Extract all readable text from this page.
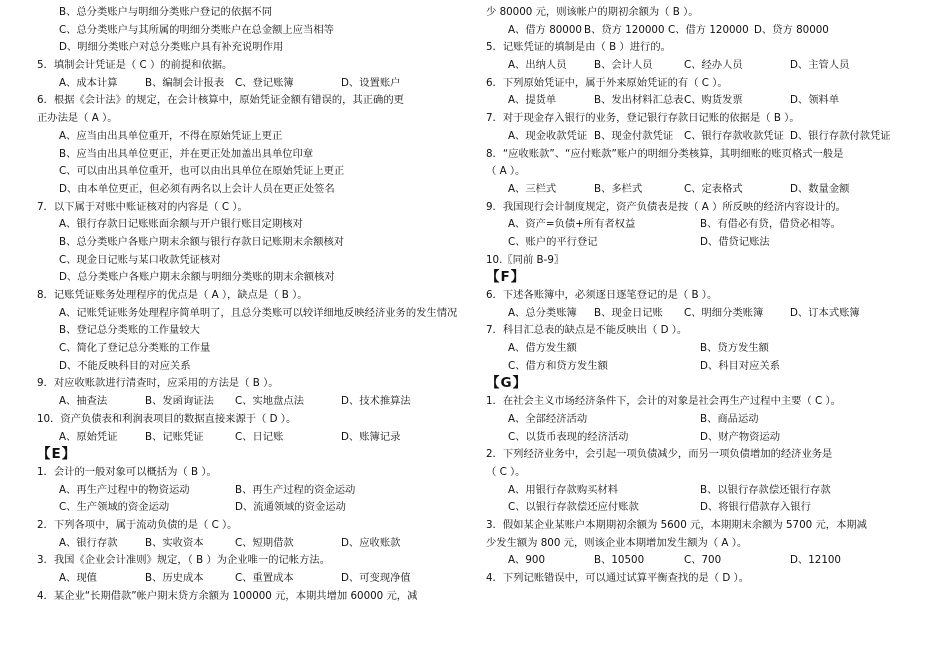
B、总分类账户与明细分类账户登记的依据不同
C、总分类账户与其所属的明细分类账户在总金额上应当相等
D、明细分类账户对总分类账户具有补充说明作用
5．填制会计凭证是（ C ）的前提和依据。
A、成本计算	B、编制会计报表 C、登记账簿	D、设置账户
6．根据《会计法》的规定，在会计核算中，原始凭证金额有错误的，其正确的更
正办法是（ A ）。
A、应当由出具单位重开，不得在原始凭证上更正
B、应当由出具单位更正，并在更正处加盖出具单位印章
C、可以由出具单位重开，也可以由出具单位在原始凭证上更正
D、由本单位更正，但必须有两名以上会计人员在更正处签名
7．以下属于对账中账证核对的内容是（ C ）。
A、银行存款日记账账面余额与开户银行账目定期核对
B、总分类账户各账户期末余额与银行存款日记账期末余额核对
C、现金日记账与某口收款凭证核对
D、总分类账户各账户期末余额与明细分类账的期末余额核对
8．记账凭证账务处理程序的优点是（ A ），缺点是（ B ）。
A、记账凭证账务处理程序简单明了，且总分类账可以较详细地反映经济业务的发生情况
B、登记总分类账的工作量较大
C、简化了登记总分类账的工作量
D、不能反映科目的对应关系
9．对应收账款进行清查时，应采用的方法是（ B ）。
A、抽查法	B、发函询证法 C、实地盘点法	D、技术推算法
10．资产负债表和利润表项目的数据直接来源于（ D ）。
A、原始凭证	B、记账凭证	C、日记账	D、账簿记录
【E】
1．会计的一般对象可以概括为（ B ）。
A、再生产过程中的物资运动	B、再生产过程的资金运动
C、生产领域的资金运动	D、流通领域的资金运动
2．下列各项中，属于流动负债的是（ C ）。
A、银行存款	B、实收资本	C、短期借款	D、应收账款
3．我国《企业会计准则》规定，（ B ）为企业唯一的记帐方法。
A、现值	B、历史成本	C、重置成本	D、可变现净值
4．某企业“长期借款”帐户期末贷方余额为 100000 元，本期共增加 60000 元，减
少 80000 元，则该帐户的期初余额为（ B ）。
A、借方 80000 B、贷方 120000 C、借方 120000 D、贷方 80000
5．记账凭证的填制是由（ B ）进行的。
A、出纳人员	B、会计人员	C、经办人员	D、主管人员
6．下列原始凭证中，属于外来原始凭证的有（ C ）。
A、提货单	B、发出材料汇总表 C、购货发票	D、领料单
7．对于现金存入银行的业务，登记银行存款日记账的依据是（ B ）。
A、现金收款凭证 B、现金付款凭证 C、银行存款收款凭证 D、银行存款付款凭证
8．“应收账款”、“应付账款”账户的明细分类核算，其明细账的账页格式一般是
（ A ）。
A、三栏式	B、多栏式	C、定表格式	D、数量金额
9．我国现行会计制度规定，资产负债表是按（ A ）所反映的经济内容设计的。
A、资产=负债+所有者权益	B、有借必有贷，借贷必相等。
C、账户的平行登记	D、借贷记账法
10.〖同前 B-9〗
【F】
6．下述各账簿中，必须逐日逐笔登记的是（ B ）。
A、总分类账簿 B、现金日记账 C、明细分类账簿	D、订本式账簿
7．科目汇总表的缺点是不能反映出（ D ）。
A、借方发生额	B、贷方发生额
C、借方和贷方发生额	D、科目对应关系
【G】
1．在社会主义市场经济条件下，会计的对象是社会再生产过程中主要（ C ）。
A、全部经济活动	B、商品运动
C、以货币表现的经济活动	D、财产物资运动
2．下列经济业务中，会引起一项负债减少，而另一项负债增加的经济业务是
（ C ）。
A、用银行存款购买材料	B、以银行存款偿还银行存款
C、以银行存款偿还应付账款	D、将银行借款存入银行
3．假如某企业某账户本期期初余额为 5600 元，本期期末余额为 5700 元，本期减
少发生额为 800 元，则该企业本期增加发生额为（ A ）。
A、900	B、10500	C、700	D、12100
4．下列记账错误中，可以通过试算平衡查找的是（ D ）。
